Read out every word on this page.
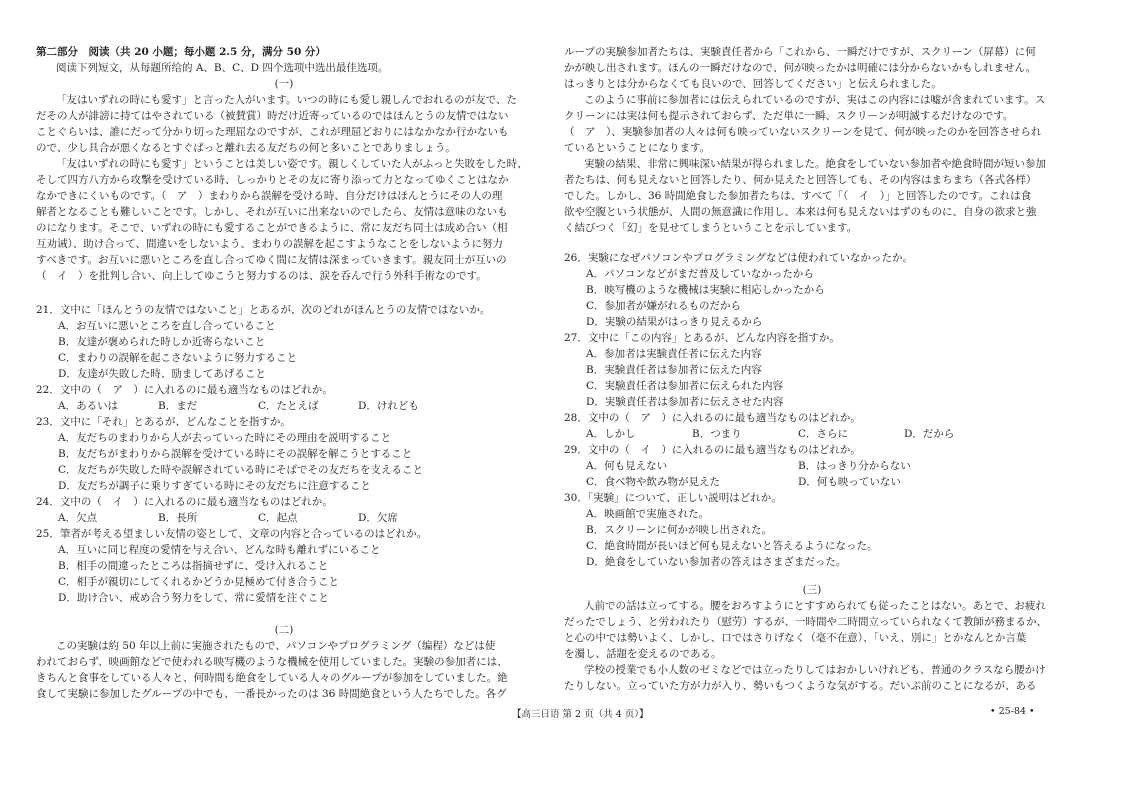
第二部分　阅读（共 20 小题；每小题 2.5 分，满分 50 分）
阅读下列短文，从每题所给的 A、B、C、D 四个选项中选出最佳选项。
(一)
「友はいずれの時にも愛す」と言った人がいます。いつの時にも愛し親しんでおれるのが友で、た
だその人が誹謗に持てはやされている（被賛賞）時だけ近寄っているのではほんとうの友情ではない
ことぐらいは、誰にだって分かり切った理屈なのですが、これが理屈どおりにはなかなか行かないも
ので、少し具合が悪くなるとすぐぱっと離れ去る友だちの何と多いことでありましょう。
「友はいずれの時にも愛す」ということは美しい姿です。親しくしていた人がふっと失敗をした時、
そして四方八方から攻撃を受けている時、しっかりとその友に寄り添って力となってゆくことはなか
なかできにくいものです。（　ア　）まわりから誤解を受ける時、自分だけはほんとうにその人の理
解者となることも難しいことです。しかし、それが互いに出来ないのでしたら、友情は意味のないも
のになります。そこで、いずれの時にも愛することができるように、常に友だち同士は成め合い（相
互劝诫）、助け合って、間違いをしないよう、まわりの誤解を起こすようなことをしないように努力
すべきです。お互いに悪いところを直し合ってゆく間に友情は深まっていきます。親友同士が互いの
（　イ　）を批判し合い、向上してゆこうと努力するのは、涙を呑んで行う外科手術なのです。
21．文中に「ほんとうの友情ではないこと」とあるが、次のどれがほんとうの友情ではないか。
A．お互いに悪いところを直し合っていること
B．友達が褒められた時しか近寄らないこと
C．まわりの誤解を起こさないように努力すること
D．友達が失敗した時、励ましてあげること
22．文中の（　ア　）に入れるのに最も適当なものはどれか。
A．あるいは	B．まだ	C．たとえば	D．けれども
23．文中に「それ」とあるが、どんなことを指すか。
A．友だちのまわりから人が去っていった時にその理由を説明すること
B．友だちがまわりから誤解を受けている時にその誤解を解こうとすること
C．友だちが失敗した時や誤解されている時にそばでその友だちを支えること
D．友だちが調子に乗りすぎている時にその友だちに注意すること
24．文中の（　イ　）に入れるのに最も適当なものはどれか。
A．欠点	B．長所	C．起点	D．欠席
25．筆者が考える望ましい友情の姿として、文章の内容と合っているのはどれか。
A．互いに同じ程度の愛情を与え合い、どんな時も離れずにいること
B．相手の間違ったところは指摘せずに、受け入れること
C．相手が親切にしてくれるかどうか見極めて付き合うこと
D．助け合い、戒め合う努力をして、常に愛情を注ぐこと
(二)
この実験は約 50 年以上前に実施されたもので、パソコンやプログラミング（编程）などは使
われておらず、映画館などで使われる映写機のような機械を使用していました。実験の参加者には、
きちんと食事をしている人々と、何時間も絶食をしている人々のグループが参加をしていました。絶
食して実験に参加したグループの中でも、一番長かったのは 36 時間絶食という人たちでした。各グ
ループの実験参加者たちは、実験責任者から「これから、一瞬だけですが、スクリーン（屏幕）に何
かが映し出されます。ほんの一瞬だけなので、何が映ったかは明確には分からないかもしれません。
はっきりとは分からなくても良いので、回答してください」と伝えられました。
このように事前に参加者には伝えられているのですが、実はこの内容には嘘が含まれています。ス
クリーンには実は何も提示されておらず、ただ単に一瞬、スクリーンが明滅するだけなのです。
（　ア　）、実験参加者の人々は何も映っていないスクリーンを見て、何が映ったのかを回答させられ
ているということになります。
実験の結果、非常に興味深い結果が得られました。絶食をしていない参加者や絶食時間が短い参加
者たちは、何も見えないと回答したり、何か見えたと回答しても、その内容はまちまち（各式各样）
でした。しかし、36 時間絶食した参加者たちは、すべて「（　イ　）」と回答したのです。これは食
欲や空腹という状態が、人間の無意識に作用し、本来は何も見えないはずのものに、自身の欲求と強
く結びつく「幻」を見せてしまうということを示しています。
26．実験になぜパソコンやプログラミングなどは使われていなかったか。
A．パソコンなどがまだ普及していなかったから
B．映写機のような機械は実験に相応しかったから
C．参加者が嫌がれるものだから
D．実験の結果がはっきり見えるから
27．文中に「この内容」とあるが、どんな内容を指すか。
A．参加者は実験責任者に伝えた内容
B．実験責任者は参加者に伝えた内容
C．実験責任者は参加者に伝えられた内容
D．実験責任者は参加者に伝えさせた内容
28．文中の（　ア　）に入れるのに最も適当なものはどれか。
A．しかし	B．つまり	C．さらに	D．だから
29．文中の（　イ　）に入れるのに最も適当なものはどれか。
A．何も見えない	B．はっきり分からない
C．食べ物や飲み物が見えた	D．何も映っていない
30．「実験」について、正しい説明はどれか。
A．映画館で実施された。
B．スクリーンに何かが映し出された。
C．絶食時間が長いほど何も見えないと答えるようになった。
D．絶食をしていない参加者の答えはさまざまだった。
(三)
人前での話は立ってする。腰をおろすようにとすすめられても従ったことはない。あとで、お疲れ
だったでしょう、と労われたり（慰劳）するが、一時間や二時間立っていられなくて教師が務まるか、
と心の中では勢いよく、しかし、口ではさりげなく（毫不在意）、「いえ、別に」とかなんとか言葉
を濁し、話題を変えるのである。
学校の授業でも小人数のゼミなどでは立ったりしてはおかしいけれども、普通のクラスなら腰かけ
たりしない。立っていた方が力が入り、勢いもつくような気がする。だいぶ前のことになるが、ある
【高三日语 第 2 页（共 4 页）】	• 25-84 •
